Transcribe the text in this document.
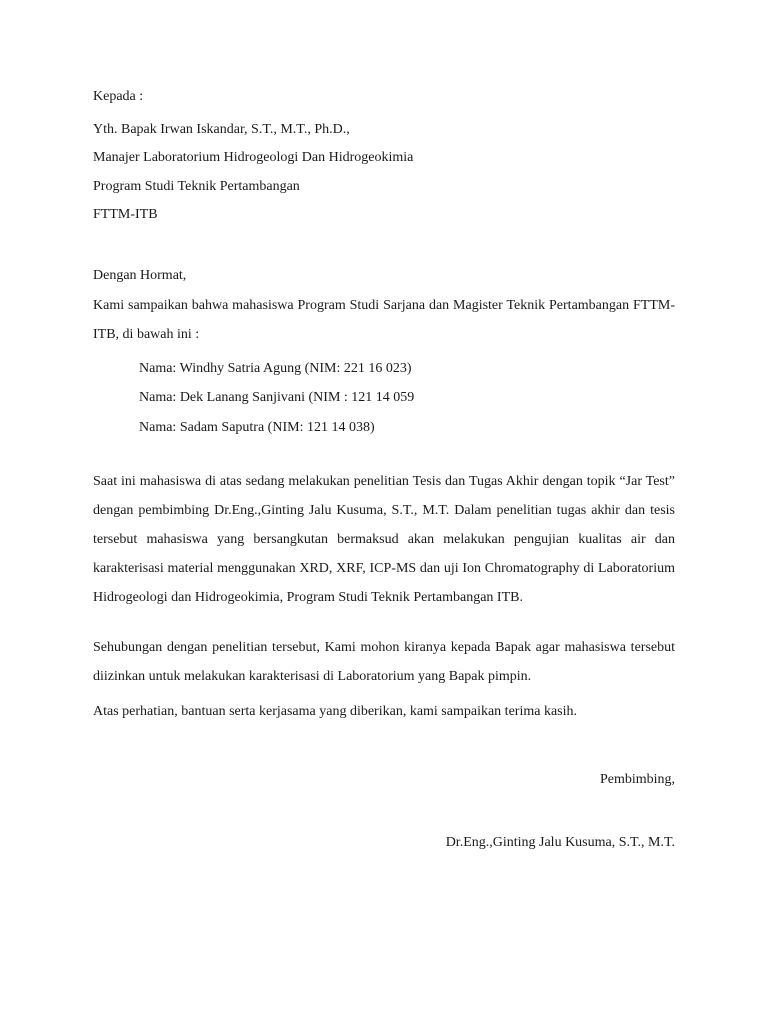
Kepada :
Yth. Bapak Irwan Iskandar, S.T., M.T., Ph.D.,
Manajer Laboratorium Hidrogeologi Dan Hidrogeokimia
Program Studi Teknik Pertambangan
FTTM-ITB
Dengan Hormat,
Kami sampaikan bahwa mahasiswa Program Studi Sarjana dan Magister Teknik Pertambangan FTTM-ITB, di bawah ini :
Nama: Windhy Satria Agung (NIM: 221 16 023)
Nama: Dek Lanang Sanjivani (NIM : 121 14 059
Nama: Sadam Saputra (NIM: 121 14 038)
Saat ini mahasiswa di atas sedang melakukan penelitian Tesis dan Tugas Akhir dengan topik “Jar Test” dengan pembimbing Dr.Eng.,Ginting Jalu Kusuma, S.T., M.T. Dalam penelitian tugas akhir dan tesis tersebut mahasiswa yang bersangkutan bermaksud akan melakukan pengujian kualitas air dan karakterisasi material menggunakan XRD, XRF, ICP-MS dan uji Ion Chromatography di Laboratorium Hidrogeologi dan Hidrogeokimia, Program Studi Teknik Pertambangan ITB.
Sehubungan dengan penelitian tersebut, Kami mohon kiranya kepada Bapak agar mahasiswa tersebut diizinkan untuk melakukan karakterisasi di Laboratorium yang Bapak pimpin.
Atas perhatian, bantuan serta kerjasama yang diberikan, kami sampaikan terima kasih.
Pembimbing,
Dr.Eng.,Ginting Jalu Kusuma, S.T., M.T.
